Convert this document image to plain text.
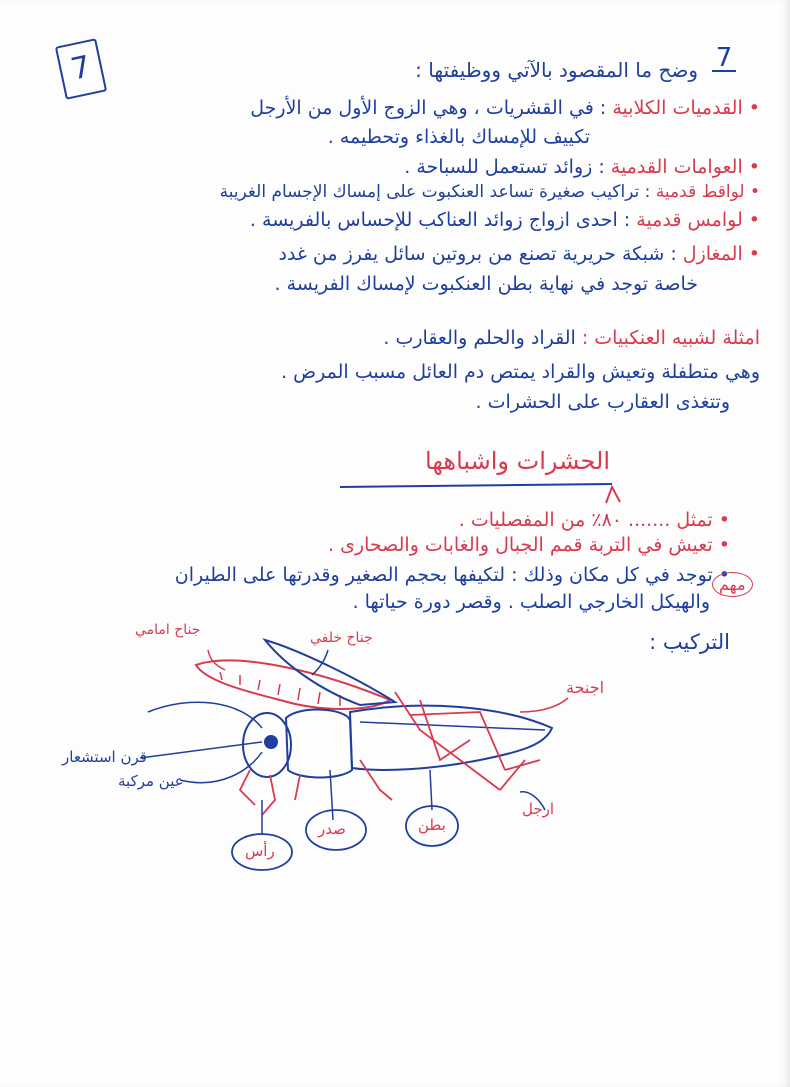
7	7
وضح ما المقصود بالآتي ووظيفتها :
• القدميات الكلابية : في القشريات ، وهي الزوج الأول من الأرجل
تكييف للإمساك بالغذاء وتحطيمه .
• العوامات القدمية : زوائد تستعمل للسباحة .
• لواقط قدمية : تراكيب صغيرة تساعد العنكبوت على إمساك الإجسام الغريبة
• لوامس قدمية : احدى ازواج زوائد العناكب للإحساس بالفريسة .
• المغازل : شبكة حريرية تصنع من بروتين سائل يفرز من غدد
خاصة توجد في نهاية بطن العنكبوت لإمساك الفريسة .
امثلة لشبيه العنكبيات : القراد والحلم والعقارب .
وهي متطفلة وتعيش والقراد يمتص دم العائل مسبب المرض .
وتتغذى العقارب على الحشرات .
الحشرات واشباهها
• تمثل ....... ٨٠٪ من المفصليات .
• تعيش في التربة قمم الجبال والغابات والصحارى .
• توجد في كل مكان وذلك : لتكيفها بحجم الصغير وقدرتها على الطيران
والهيكل الخارجي الصلب . وقصر دورة حياتها .
مهم
التركيب :
جناح امامي	جناح خلفي
اجنحة
قرن استشعار
عين مركبة
رأس
صدر	بطن
ارجل
